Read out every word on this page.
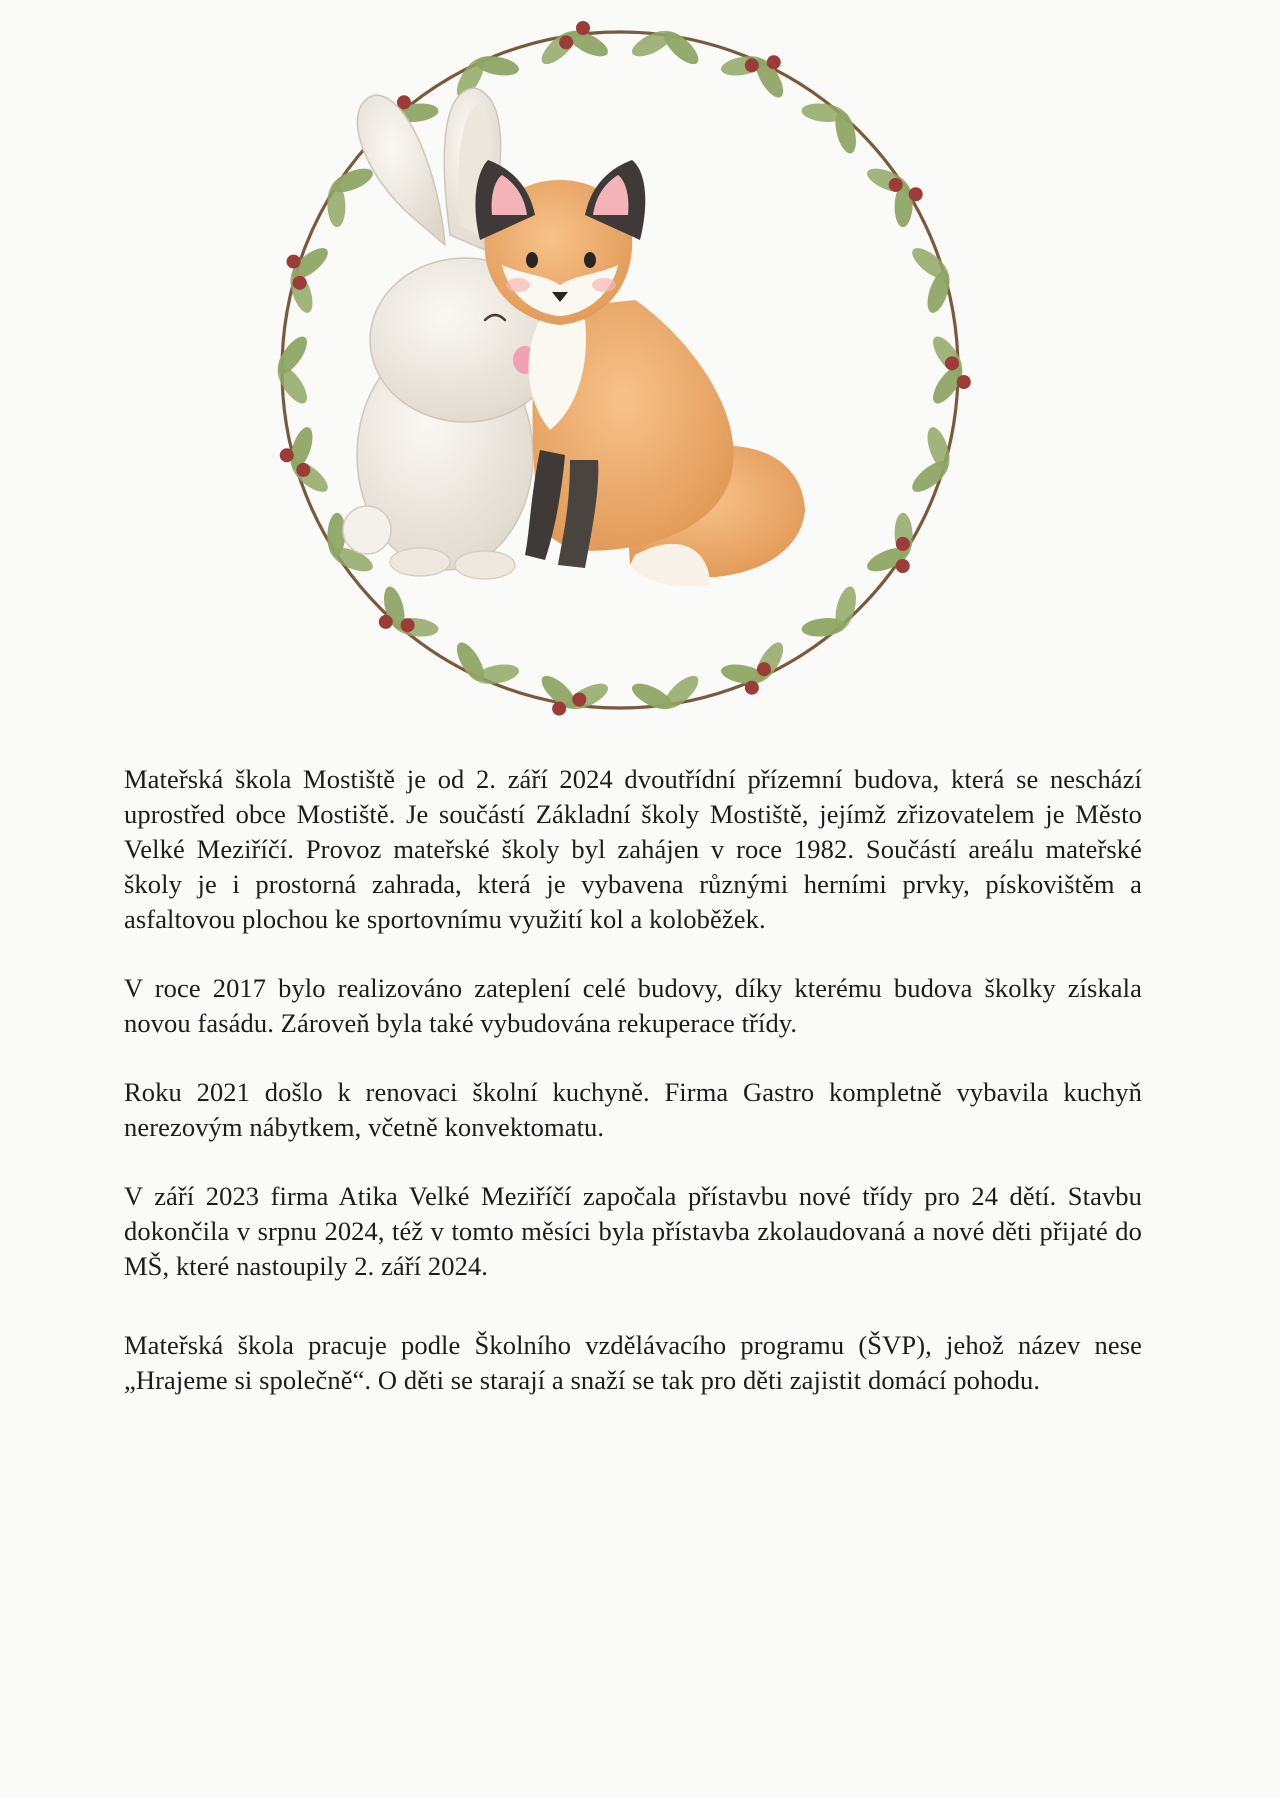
Mateřská škola Mostiště je od 2. září 2024 dvoutřídní přízemní budova, která se neschází uprostřed obce Mostiště. Je součástí Základní školy Mostiště, jejímž zřizovatelem je Město Velké Meziříčí. Provoz mateřské školy byl zahájen v roce 1982. Součástí areálu mateřské školy je i prostorná zahrada, která je vybavena různými herními prvky, pískovištěm a asfaltovou plochou ke sportovnímu využití kol a koloběžek.

V roce 2017 bylo realizováno zateplení celé budovy, díky kterému budova školky získala novou fasádu. Zároveň byla také vybudována rekuperace třídy.

Roku 2021 došlo k renovaci školní kuchyně. Firma Gastro kompletně vybavila kuchyň nerezovým nábytkem, včetně konvektomatu.

V září 2023 firma Atika Velké Meziříčí započala přístavbu nové třídy pro 24 dětí. Stavbu dokončila v srpnu 2024, též v tomto měsíci byla přístavba zkolaudovaná a nové děti přijaté do MŠ, které nastoupily 2. září 2024.

Mateřská škola pracuje podle Školního vzdělávacího programu (ŠVP), jehož název nese „Hrajeme si společně“. O děti se starají a snaží se tak pro děti zajistit domácí pohodu.
